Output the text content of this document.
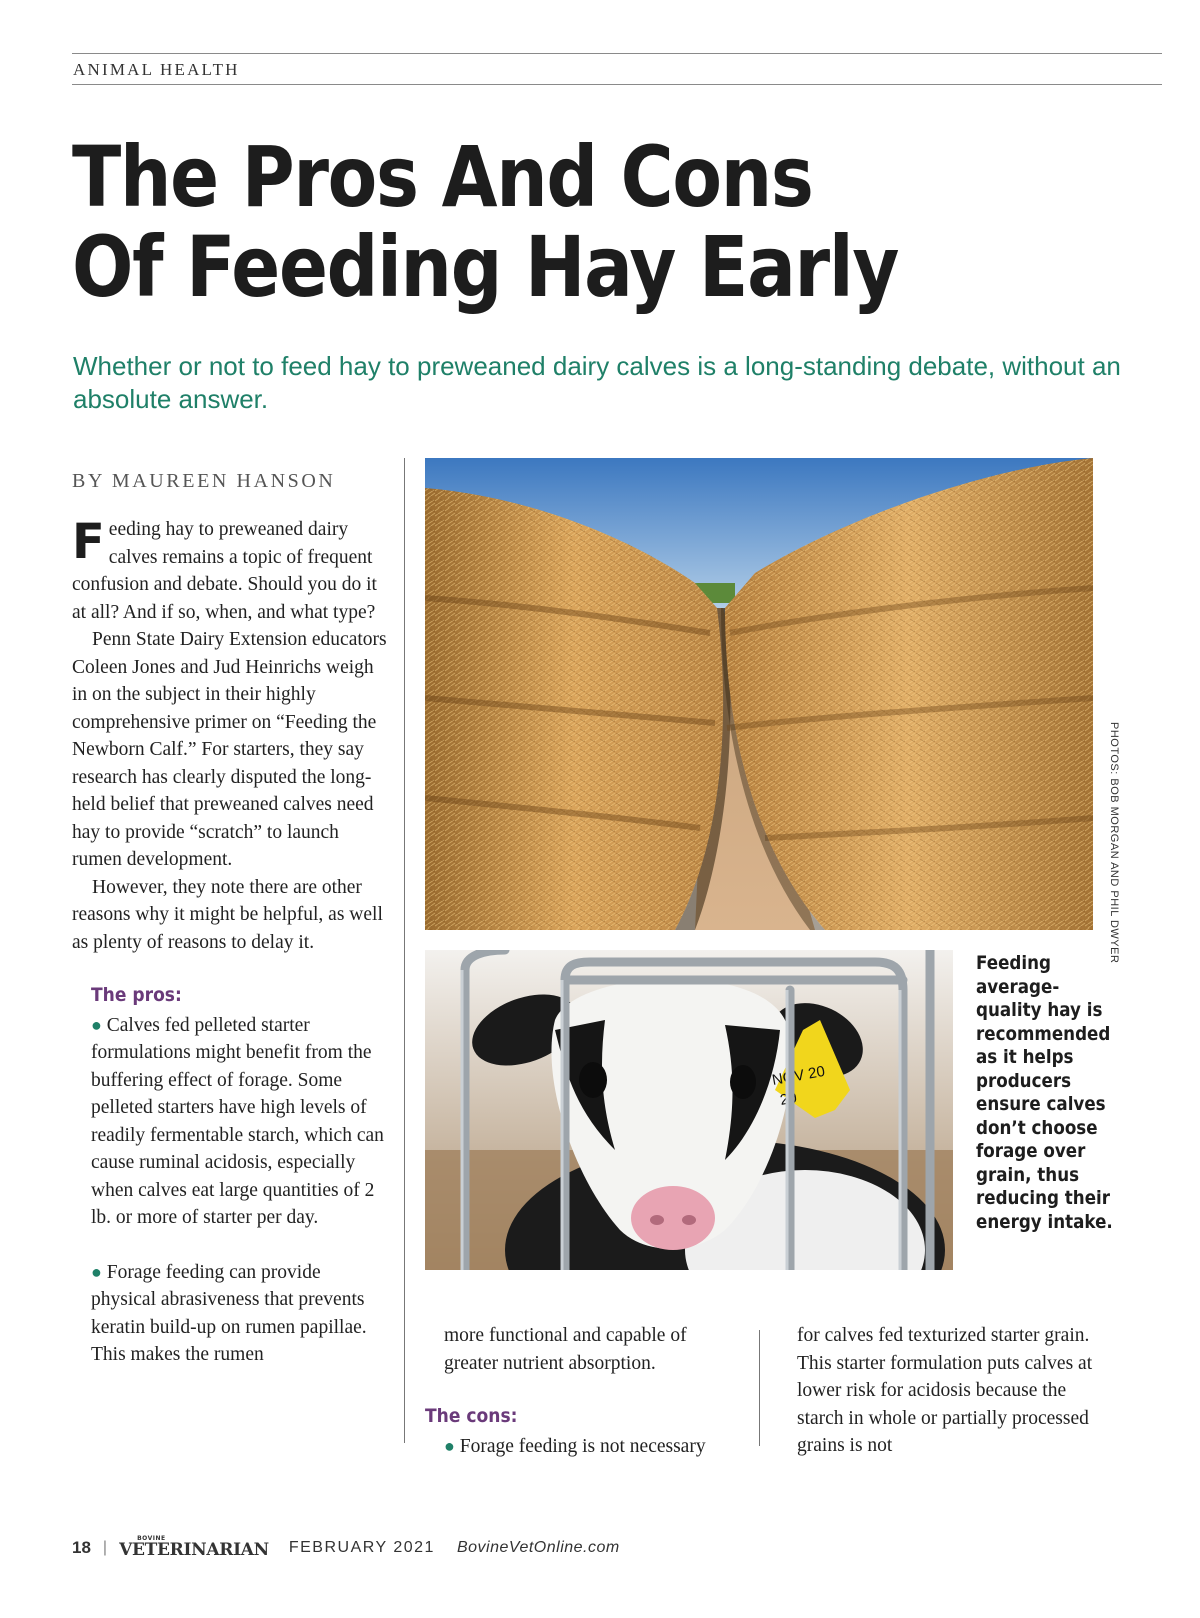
ANIMAL HEALTH
The Pros And Cons
Of Feeding Hay Early

Whether or not to feed hay to preweaned dairy calves is a long-standing debate, without an absolute answer.

BY MAUREEN HANSON

Feeding hay to preweaned dairy calves remains a topic of frequent confusion and debate. Should you do it at all? And if so, when, and what type?

Penn State Dairy Extension educators Coleen Jones and Jud Heinrichs weigh in on the subject in their highly comprehensive primer on “Feeding the Newborn Calf.” For starters, they say research has clearly disputed the long-held belief that preweaned calves need hay to provide “scratch” to launch rumen development.

However, they note there are other reasons why it might be helpful, as well as plenty of reasons to delay it.

The pros:

● Calves fed pelleted starter formulations might benefit from the buffering effect of forage. Some pelleted starters have high levels of readily fermentable starch, which can cause ruminal acidosis, especially when calves eat large quantities of 2 lb. or more of starter per day.

● Forage feeding can provide physical abrasiveness that prevents keratin build-up on rumen papillae. This makes the rumen

PHOTOS: BOB MORGAN AND PHIL DWYER
NOV 20
20

Feeding average-quality hay is recommended as it helps producers ensure calves don’t choose forage over grain, thus reducing their energy intake.

more functional and capable of greater nutrient absorption.

The cons:

● Forage feeding is not necessary

for calves fed texturized starter grain. This starter formulation puts calves at lower risk for acidosis because the starch in whole or partially processed grains is not

18 |	BOVINE
VETERINARIAN FEBRUARY 2021 BovineVetOnline.com
